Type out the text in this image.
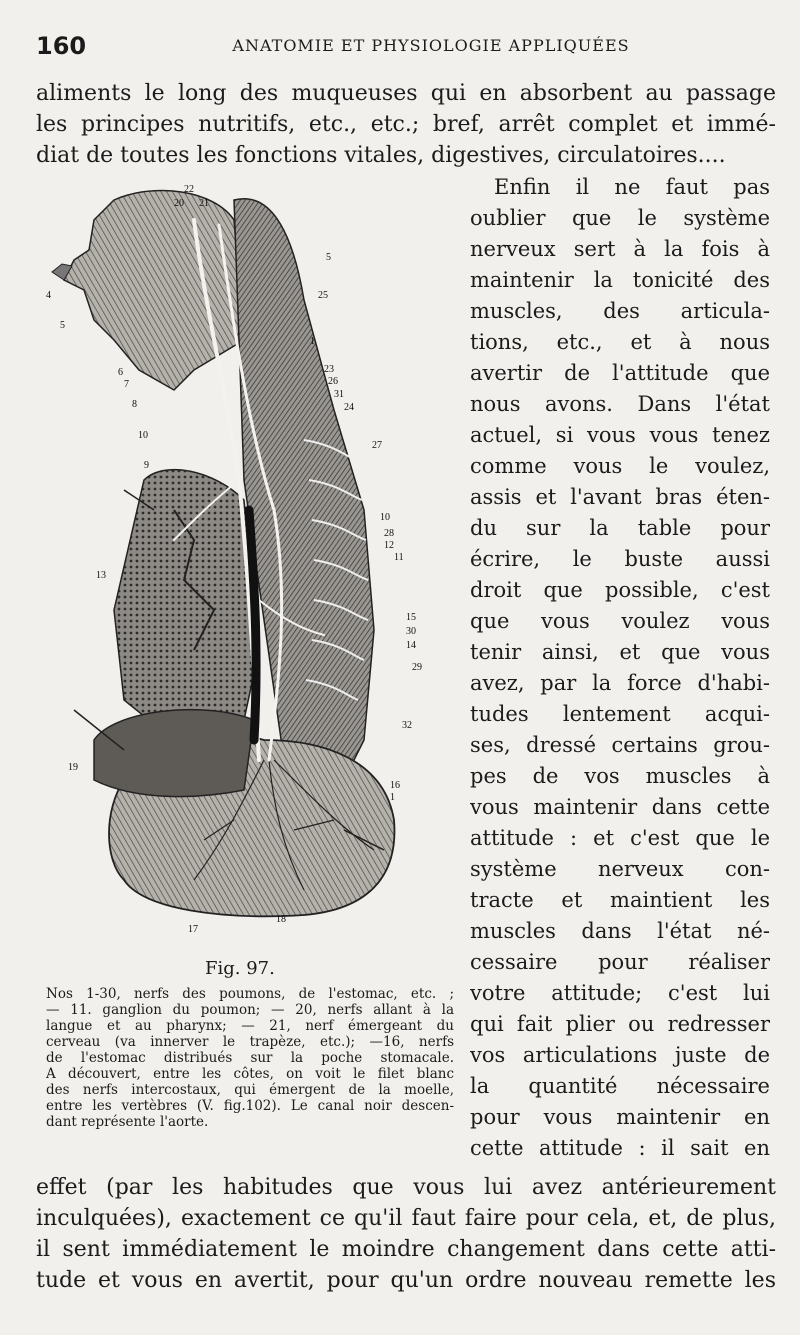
160	ANATOMIE ET PHYSIOLOGIE APPLIQUÉES
aliments le long des muqueuses qui en absorbent au passage
les principes nutritifs, etc., etc.; bref, arrêt complet et immé-
diat de toutes les fonctions vitales, digestives, circulatoires....
Enfin il ne faut pas
oublier que le système
nerveux sert à la fois à
maintenir la tonicité des
muscles, des articula-
tions, etc., et à nous
avertir de l'attitude que
nous avons. Dans l'état
actuel, si vous vous tenez
comme vous le voulez,
assis et l'avant bras éten-
du sur la table pour
écrire, le buste aussi
droit que possible, c'est
que vous voulez vous
tenir ainsi, et que vous
avez, par la force d'habi-
tudes lentement acqui-
ses, dressé certains grou-
pes de vos muscles à
vous maintenir dans cette
attitude : et c'est que le
système nerveux con-
tracte et maintient les
muscles dans l'état né-
cessaire pour réaliser
votre attitude; c'est lui
qui fait plier ou redresser
vos articulations juste de
la quantité nécessaire
pour vous maintenir en
cette attitude : il sait en
22
20 21
5
25
4
5
1
6
7
23
26
8
31
24
10
27
9
10
28
12
11
13
15
30
14
29
32
19
16
1
17
18
Fig. 97.
Nos 1-30, nerfs des poumons, de l'estomac, etc. ;
— 11. ganglion du poumon; — 20, nerfs allant à la
langue et au pharynx; — 21, nerf émergeant du
cerveau (va innerver le trapèze, etc.); —16, nerfs
de l'estomac distribués sur la poche stomacale.
A découvert, entre les côtes, on voit le filet blanc
des nerfs intercostaux, qui émergent de la moelle,
entre les vertèbres (V. fig.102). Le canal noir descen-
dant représente l'aorte.
effet (par les habitudes que vous lui avez antérieurement
inculquées), exactement ce qu'il faut faire pour cela, et, de plus,
il sent immédiatement le moindre changement dans cette atti-
tude et vous en avertit, pour qu'un ordre nouveau remette les
